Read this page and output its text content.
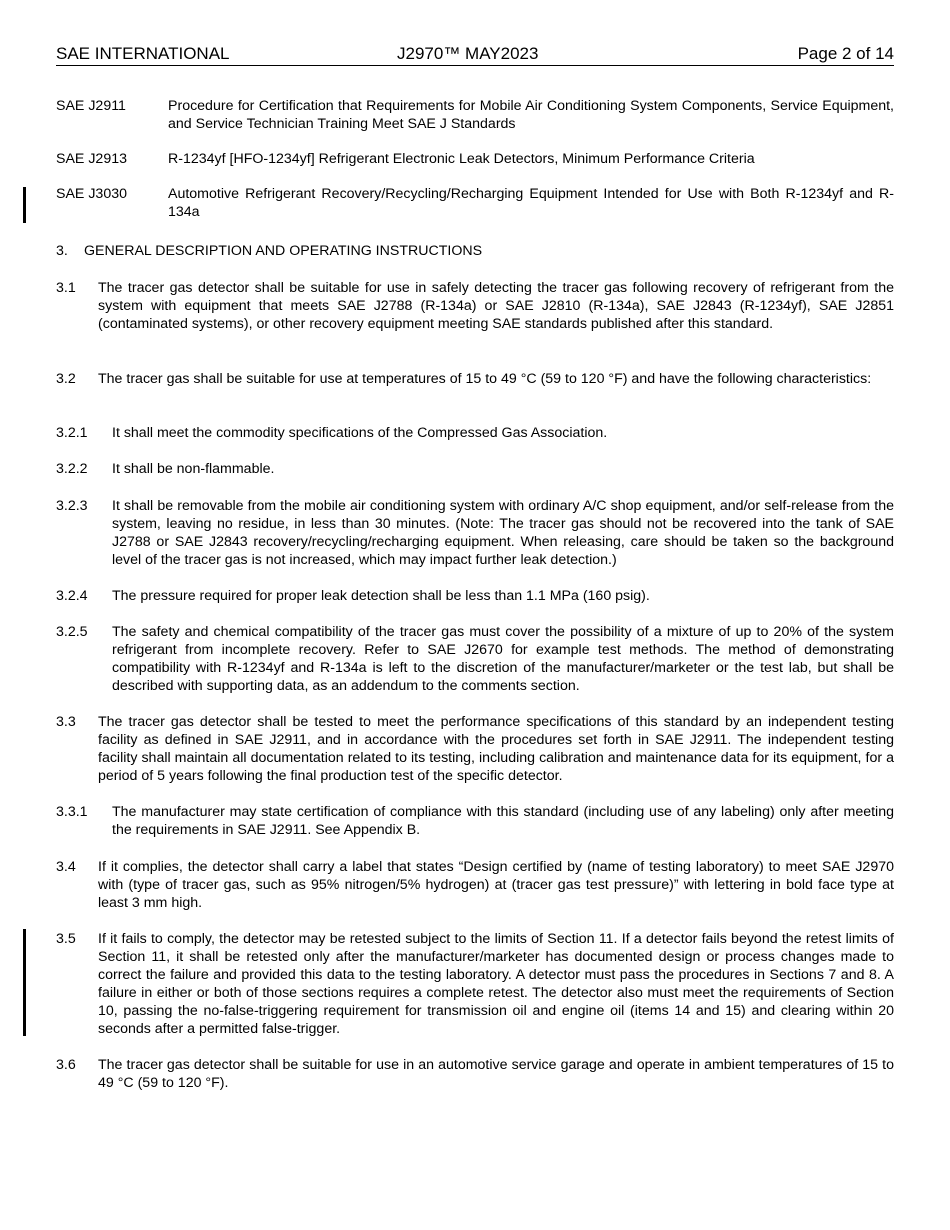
SAE INTERNATIONAL	J2970™ MAY2023	Page 2 of 14
SAE J2911	Procedure for Certification that Requirements for Mobile Air Conditioning System Components, Service Equipment, and Service Technician Training Meet SAE J Standards
SAE J2913	R-1234yf [HFO-1234yf] Refrigerant Electronic Leak Detectors, Minimum Performance Criteria
SAE J3030	Automotive Refrigerant Recovery/Recycling/Recharging Equipment Intended for Use with Both R-1234yf and R-134a
3. GENERAL DESCRIPTION AND OPERATING INSTRUCTIONS
3.1	The tracer gas detector shall be suitable for use in safely detecting the tracer gas following recovery of refrigerant from the system with equipment that meets SAE J2788 (R-134a) or SAE J2810 (R-134a), SAE J2843 (R-1234yf), SAE J2851 (contaminated systems), or other recovery equipment meeting SAE standards published after this standard.
3.2	The tracer gas shall be suitable for use at temperatures of 15 to 49 °C (59 to 120 °F) and have the following characteristics:
3.2.1	It shall meet the commodity specifications of the Compressed Gas Association.
3.2.2	It shall be non-flammable.
3.2.3	It shall be removable from the mobile air conditioning system with ordinary A/C shop equipment, and/or self-release from the system, leaving no residue, in less than 30 minutes. (Note: The tracer gas should not be recovered into the tank of SAE J2788 or SAE J2843 recovery/recycling/recharging equipment. When releasing, care should be taken so the background level of the tracer gas is not increased, which may impact further leak detection.)
3.2.4	The pressure required for proper leak detection shall be less than 1.1 MPa (160 psig).
3.2.5	The safety and chemical compatibility of the tracer gas must cover the possibility of a mixture of up to 20% of the system refrigerant from incomplete recovery. Refer to SAE J2670 for example test methods. The method of demonstrating compatibility with R-1234yf and R-134a is left to the discretion of the manufacturer/marketer or the test lab, but shall be described with supporting data, as an addendum to the comments section.
3.3	The tracer gas detector shall be tested to meet the performance specifications of this standard by an independent testing facility as defined in SAE J2911, and in accordance with the procedures set forth in SAE J2911. The independent testing facility shall maintain all documentation related to its testing, including calibration and maintenance data for its equipment, for a period of 5 years following the final production test of the specific detector.
3.3.1	The manufacturer may state certification of compliance with this standard (including use of any labeling) only after meeting the requirements in SAE J2911. See Appendix B.
3.4	If it complies, the detector shall carry a label that states “Design certified by (name of testing laboratory) to meet SAE J2970 with (type of tracer gas, such as 95% nitrogen/5% hydrogen) at (tracer gas test pressure)” with lettering in bold face type at least 3 mm high.
3.5	If it fails to comply, the detector may be retested subject to the limits of Section 11. If a detector fails beyond the retest limits of Section 11, it shall be retested only after the manufacturer/marketer has documented design or process changes made to correct the failure and provided this data to the testing laboratory. A detector must pass the procedures in Sections 7 and 8. A failure in either or both of those sections requires a complete retest. The detector also must meet the requirements of Section 10, passing the no-false-triggering requirement for transmission oil and engine oil (items 14 and 15) and clearing within 20 seconds after a permitted false-trigger.
3.6	The tracer gas detector shall be suitable for use in an automotive service garage and operate in ambient temperatures of 15 to 49 °C (59 to 120 °F).
